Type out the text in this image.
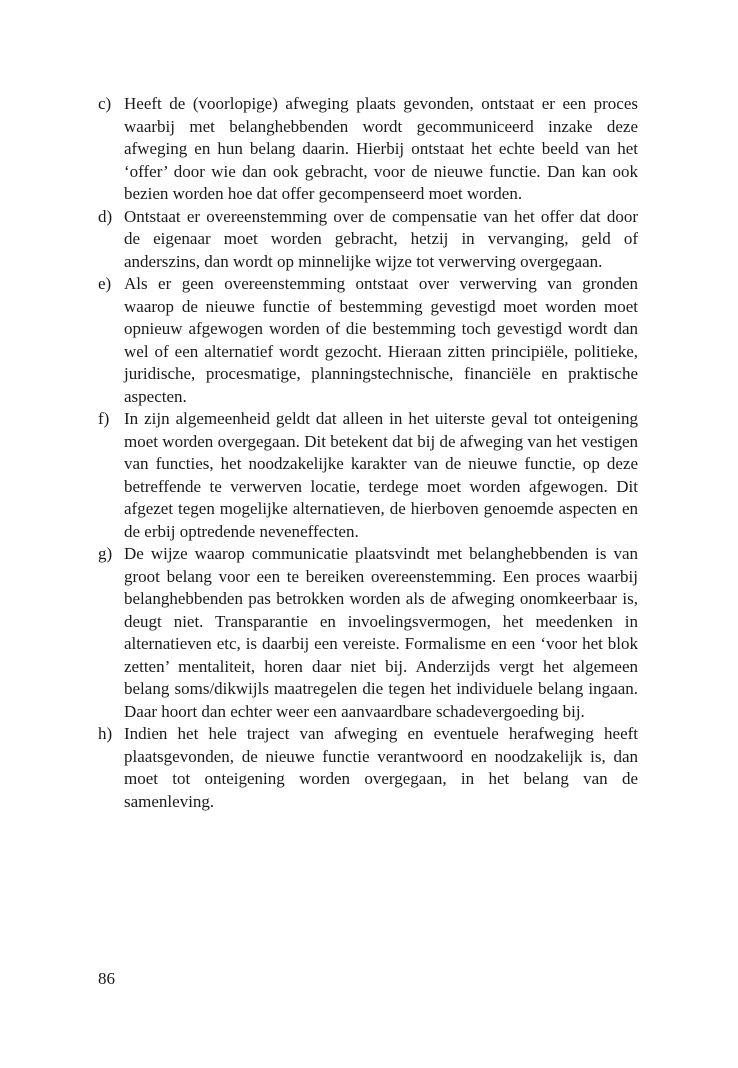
c) Heeft de (voorlopige) afweging plaats gevonden, ontstaat er een proces waarbij met belanghebbenden wordt gecommuniceerd inzake deze afweging en hun belang daarin. Hierbij ontstaat het echte beeld van het ‘offer’ door wie dan ook gebracht, voor de nieuwe functie. Dan kan ook bezien worden hoe dat offer gecompenseerd moet worden.
d) Ontstaat er overeenstemming over de compensatie van het offer dat door de eigenaar moet worden gebracht, hetzij in vervanging, geld of anderszins, dan wordt op minnelijke wijze tot verwerving overgegaan.
e) Als er geen overeenstemming ontstaat over verwerving van gronden waarop de nieuwe functie of bestemming gevestigd moet worden moet opnieuw afgewogen worden of die bestemming toch gevestigd wordt dan wel of een alternatief wordt gezocht. Hieraan zitten principiële, politieke, juridische, procesmatige, planningstechnische, financiële en praktische aspecten.
f) In zijn algemeenheid geldt dat alleen in het uiterste geval tot onteigening moet worden overgegaan. Dit betekent dat bij de afweging van het vestigen van functies, het noodzakelijke karakter van de nieuwe functie, op deze betreffende te verwerven locatie, terdege moet worden afgewogen. Dit afgezet tegen mogelijke alternatieven, de hierboven genoemde aspecten en de erbij optredende neveneffecten.
g) De wijze waarop communicatie plaatsvindt met belanghebbenden is van groot belang voor een te bereiken overeenstemming. Een proces waarbij belanghebbenden pas betrokken worden als de afweging onomkeerbaar is, deugt niet. Transparantie en invoelingsvermogen, het meedenken in alternatieven etc, is daarbij een vereiste. Formalisme en een ‘voor het blok zetten’ mentaliteit, horen daar niet bij. Anderzijds vergt het algemeen belang soms/dikwijls maatregelen die tegen het individuele belang ingaan. Daar hoort dan echter weer een aanvaardbare schadevergoeding bij.
h) Indien het hele traject van afweging en eventuele herafweging heeft plaatsgevonden, de nieuwe functie verantwoord en noodzakelijk is, dan moet tot onteigening worden overgegaan, in het belang van de samenleving.
86
